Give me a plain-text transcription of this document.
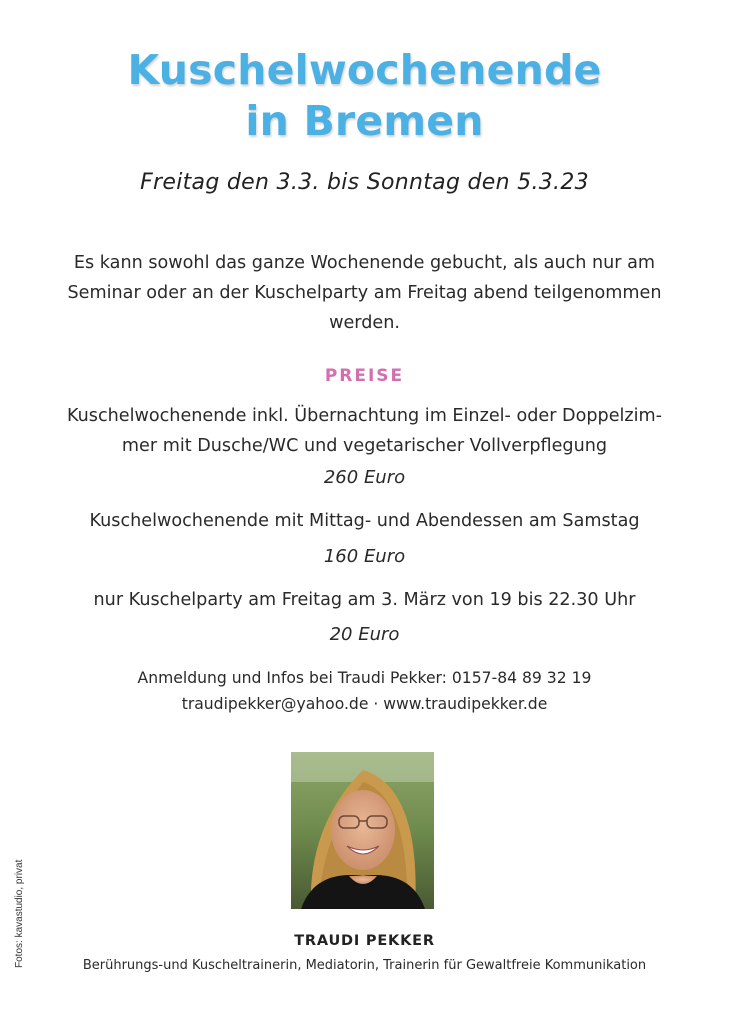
Kuschelwochenende
in Bremen
Freitag den 3.3. bis Sonntag den 5.3.23
Es kann sowohl das ganze Wochenende gebucht, als auch nur am
Seminar oder an der Kuschelparty am Freitag abend teilgenommen
werden.
PREISE
Kuschelwochenende inkl. Übernachtung im Einzel- oder Doppelzim-
mer mit Dusche/WC und vegetarischer Vollverpflegung
260 Euro
Kuschelwochenende mit Mittag- und Abendessen am Samstag
160 Euro
nur Kuschelparty am Freitag am 3. März von 19 bis 22.30 Uhr
20 Euro
Anmeldung und Infos bei Traudi Pekker: 0157-84 89 32 19
traudipekker@yahoo.de · www.traudipekker.de
TRAUDI PEKKER
Berührungs-und Kuscheltrainerin, Mediatorin, Trainerin für Gewaltfreie Kommunikation
Fotos: kavastudio, privat
